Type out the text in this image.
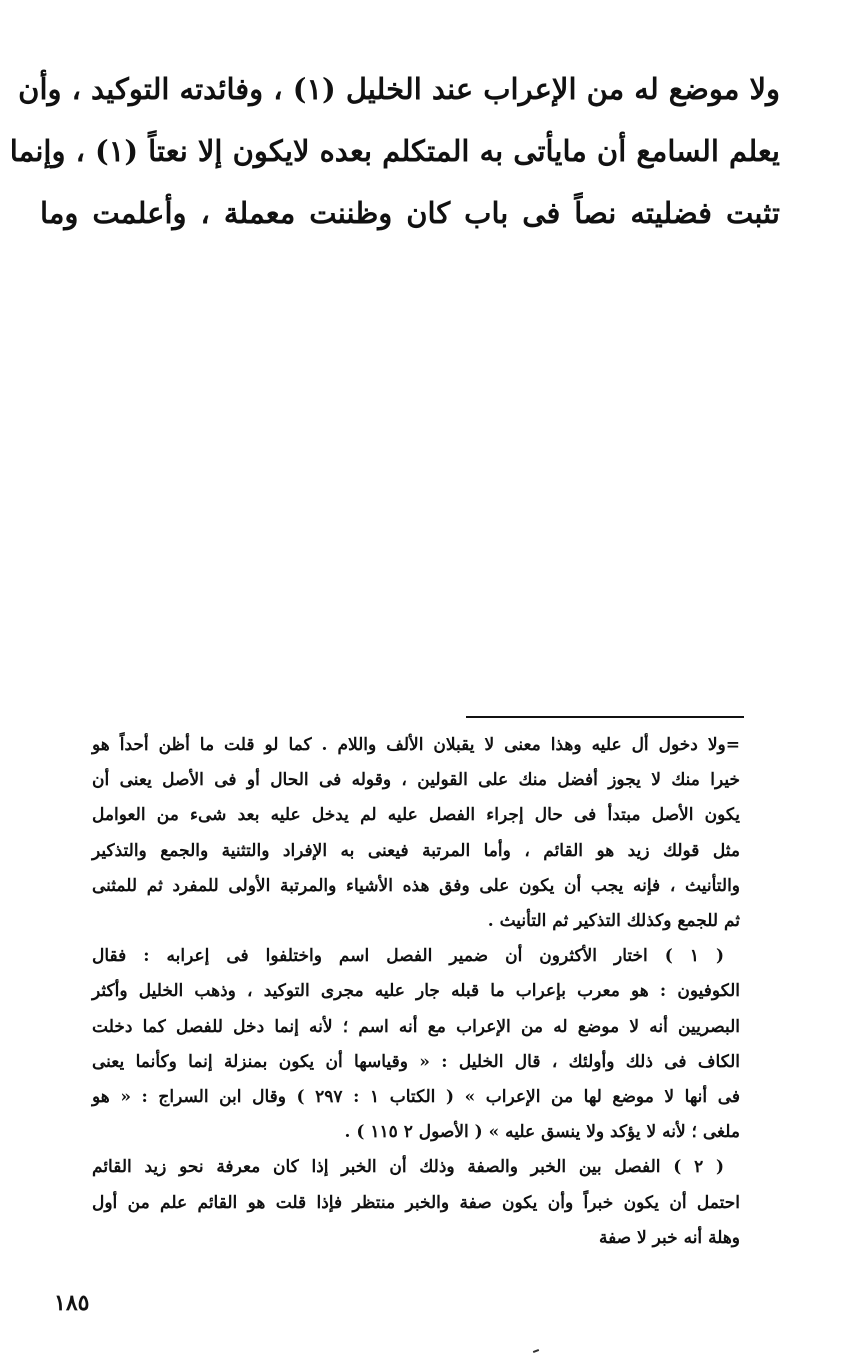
ولا موضع له من الإعراب عند الخليل (١) ، وفائدته التوكيد ، وأن
يعلم السامع أن مايأتى به المتكلم بعده لايكون إلا نعتاً (١) ، وإنما
تثبت فضليته نصاً فى باب كان وظننت معملة ، وأعلمت وما
=ولا دخول أل عليه وهذا معنى لا يقبلان الألف واللام . كما لو قلت ما أظن أحداً هو
خيرا منك لا يجوز أفضل منك على القولين ، وقوله فى الحال أو فى الأصل يعنى أن
يكون الأصل مبتدأ فى حال إجراء الفصل عليه لم يدخل عليه بعد شىء من العوامل
مثل قولك زيد هو القائم ، وأما المرتبة فيعنى به الإفراد والتثنية والجمع والتذكير
والتأنيث ، فإنه يجب أن يكون على وفق هذه الأشياء والمرتبة الأولى للمفرد ثم للمثنى
ثم للجمع وكذلك التذكير ثم التأنيث .
( ١ ) اختار الأكثرون أن ضمير الفصل اسم واختلفوا فى إعرابه : فقال
الكوفيون : هو معرب بإعراب ما قبله جار عليه مجرى التوكيد ، وذهب الخليل وأكثر
البصريين أنه لا موضع له من الإعراب مع أنه اسم ؛ لأنه إنما دخل للفصل كما دخلت
الكاف فى ذلك وأولئك ، قال الخليل : « وقياسها أن يكون بمنزلة إنما وكأنما يعنى
فى أنها لا موضع لها من الإعراب » ( الكتاب ١ : ٢٩٧ ) وقال ابن السراج : « هو
ملغى ؛ لأنه لا يؤكد ولا ينسق عليه » ( الأصول ٢ ١١٥ ) .
( ٢ ) الفصل بين الخبر والصفة وذلك أن الخبر إذا كان معرفة نحو زيد القائم
احتمل أن يكون خبراً وأن يكون صفة والخبر منتظر فإذا قلت هو القائم علم من أول
وهلة أنه خبر لا صفة
١٨٥
